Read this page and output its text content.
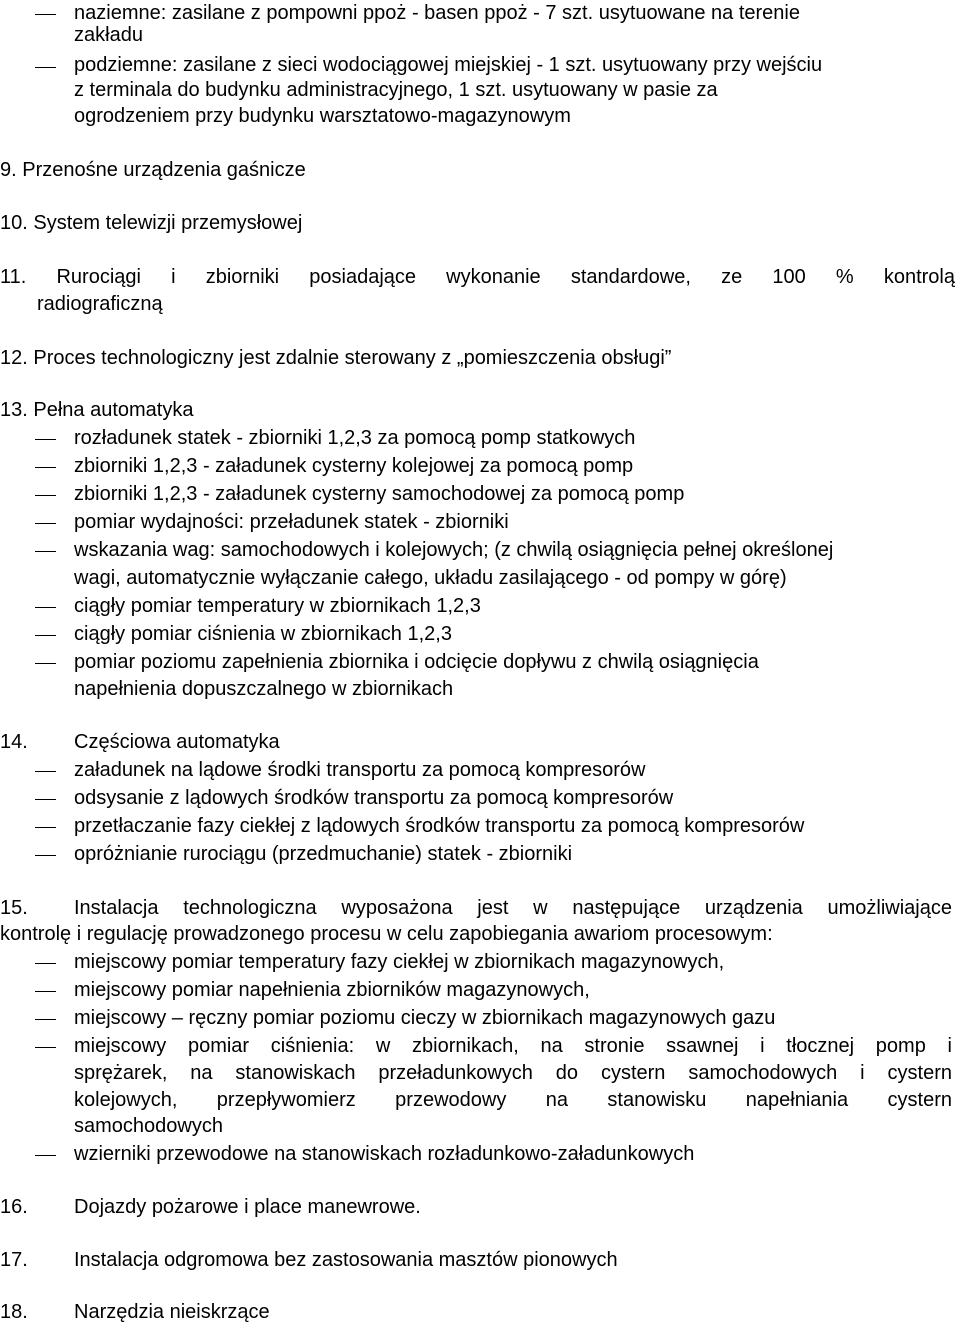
naziemne: zasilane z pompowni ppoż - basen ppoż - 7 szt. usytuowane na terenie
zakładu
podziemne: zasilane z sieci wodociągowej miejskiej - 1 szt. usytuowany przy wejściu
z terminala do budynku administracyjnego, 1 szt. usytuowany w pasie za
ogrodzeniem przy budynku warsztatowo-magazynowym
9. Przenośne urządzenia gaśnicze
10. System telewizji przemysłowej
11. Rurociągi i zbiorniki posiadające wykonanie standardowe, ze 100 % kontrolą
radiograficzną
12. Proces technologiczny jest zdalnie sterowany z „pomieszczenia obsługi”
13. Pełna automatyka
rozładunek statek - zbiorniki 1,2,3 za pomocą pomp statkowych
zbiorniki 1,2,3 - załadunek cysterny kolejowej za pomocą pomp
zbiorniki 1,2,3 - załadunek cysterny samochodowej za pomocą pomp
pomiar wydajności: przeładunek statek - zbiorniki
wskazania wag: samochodowych i kolejowych; (z chwilą osiągnięcia pełnej określonej
wagi, automatycznie wyłączanie całego, układu zasilającego - od pompy w górę)
ciągły pomiar temperatury w zbiornikach 1,2,3
ciągły pomiar ciśnienia w zbiornikach 1,2,3
pomiar poziomu zapełnienia zbiornika i odcięcie dopływu z chwilą osiągnięcia
napełnienia dopuszczalnego w zbiornikach
14. Częściowa automatyka
załadunek na lądowe środki transportu za pomocą kompresorów
odsysanie z lądowych środków transportu za pomocą kompresorów
przetłaczanie fazy ciekłej z lądowych środków transportu za pomocą kompresorów
opróżnianie rurociągu (przedmuchanie) statek - zbiorniki
15. Instalacja technologiczna wyposażona jest w następujące urządzenia umożliwiające
kontrolę i regulację prowadzonego procesu w celu zapobiegania awariom procesowym:
miejscowy pomiar temperatury fazy ciekłej w zbiornikach magazynowych,
miejscowy pomiar napełnienia zbiorników magazynowych,
miejscowy – ręczny pomiar poziomu cieczy w zbiornikach magazynowych gazu
miejscowy pomiar ciśnienia: w zbiornikach, na stronie ssawnej i tłocznej pomp i
sprężarek, na stanowiskach przeładunkowych do cystern samochodowych i cystern
kolejowych, przepływomierz przewodowy na stanowisku napełniania cystern
samochodowych
wzierniki przewodowe na stanowiskach rozładunkowo-załadunkowych
16. Dojazdy pożarowe i place manewrowe.
17. Instalacja odgromowa bez zastosowania masztów pionowych
18. Narzędzia nieiskrzące
